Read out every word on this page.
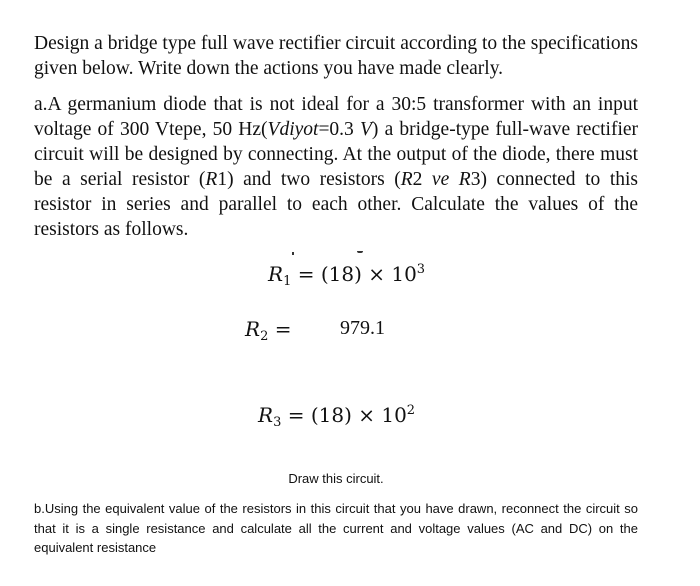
Design a bridge type full wave rectifier circuit according to the specifications given below. Write down the actions you have made clearly.
a.A germanium diode that is not ideal for a 30:5 transformer with an input voltage of 300 Vtepe, 50 Hz(Vdiyot=0.3 V) a bridge-type full-wave rectifier circuit will be designed by connecting. At the output of the diode, there must be a serial resistor (R1) and two resistors (R2 ve R3) connected to this resistor in series and parallel to each other. Calculate the values of the resistors as follows.
$R_1 = (18) \times 10^3$
$R_2 = 979.1$
$R_3 = (18) \times 10^2$
Draw this circuit.
b.Using the equivalent value of the resistors in this circuit that you have drawn, reconnect the circuit so that it is a single resistance and calculate all the current and voltage values (AC and DC) on the equivalent resistance
